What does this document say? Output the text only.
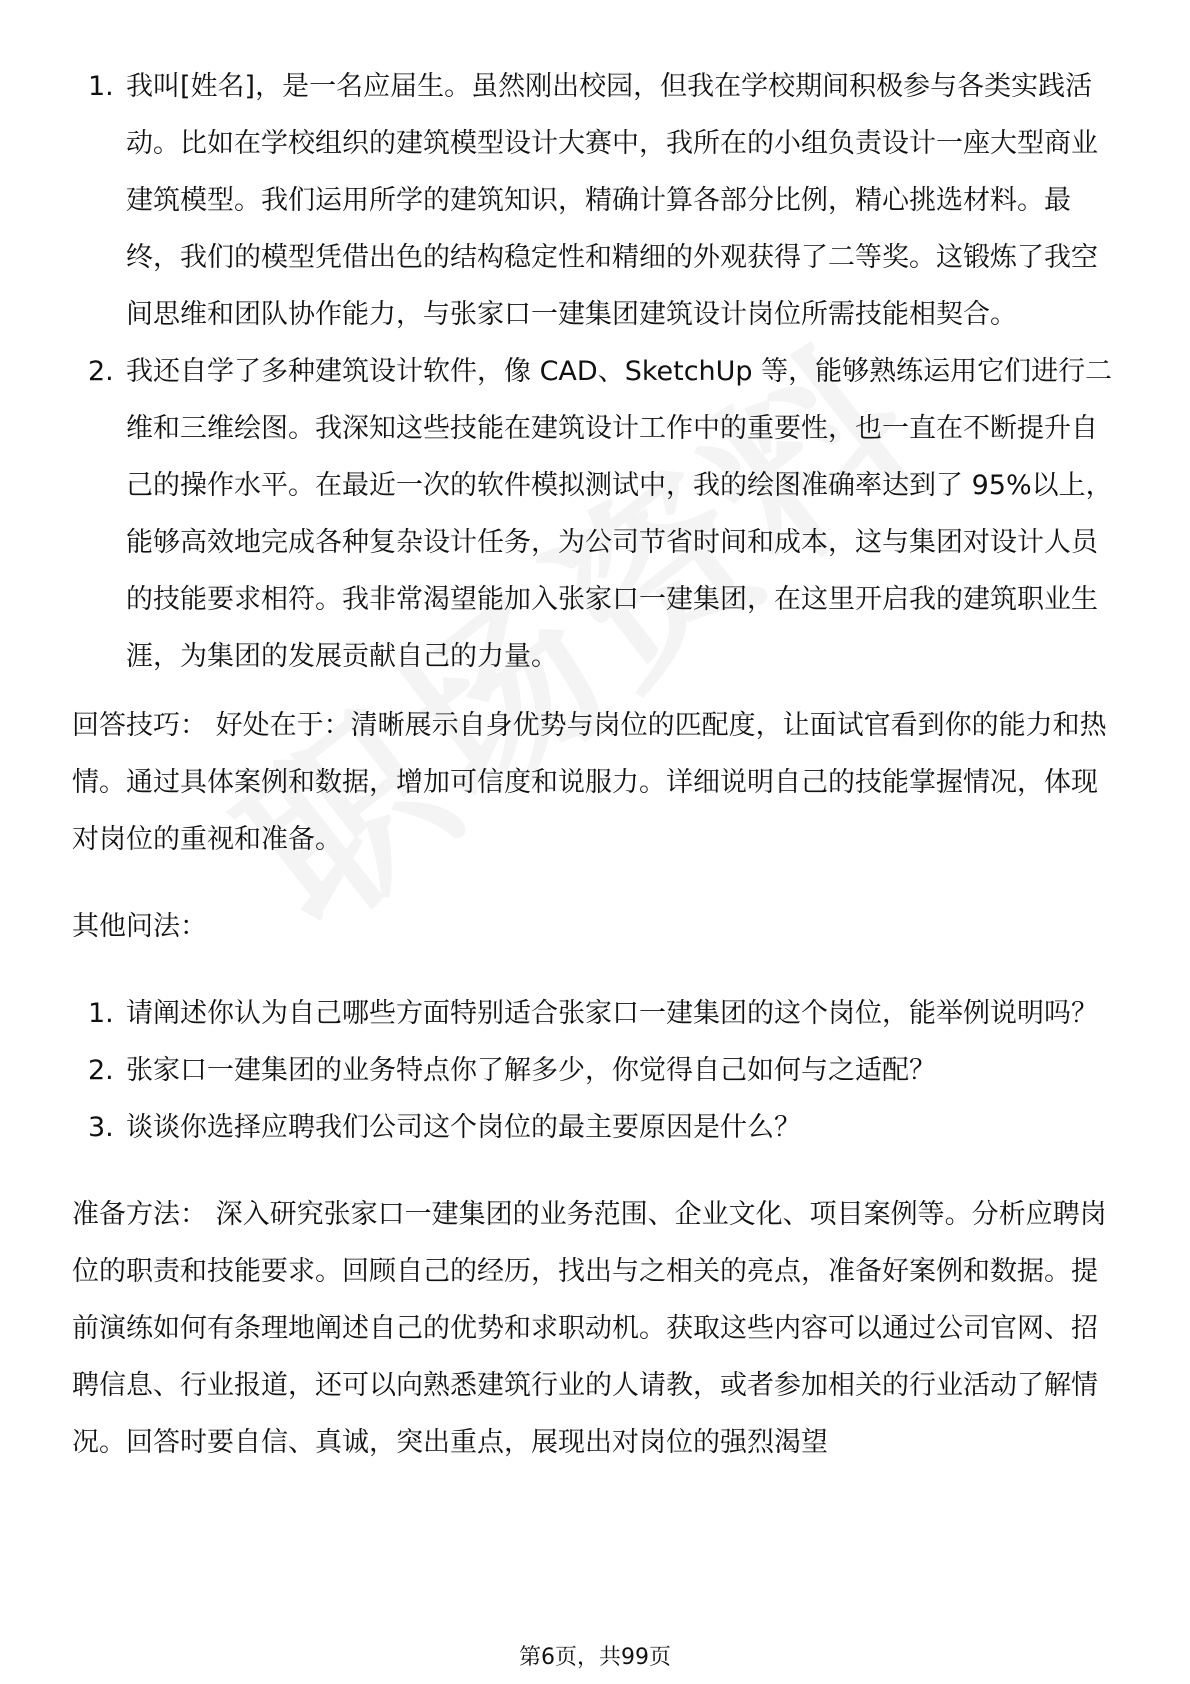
1. 我叫[姓名]，是一名应届生。虽然刚出校园，但我在学校期间积极参与各类实践活动。比如在学校组织的建筑模型设计大赛中，我所在的小组负责设计一座大型商业建筑模型。我们运用所学的建筑知识，精确计算各部分比例，精心挑选材料。最终，我们的模型凭借出色的结构稳定性和精细的外观获得了二等奖。这锻炼了我空间思维和团队协作能力，与张家口一建集团建筑设计岗位所需技能相契合。
2. 我还自学了多种建筑设计软件，像 CAD、SketchUp 等，能够熟练运用它们进行二维和三维绘图。我深知这些技能在建筑设计工作中的重要性，也一直在不断提升自己的操作水平。在最近一次的软件模拟测试中，我的绘图准确率达到了 95%以上，能够高效地完成各种复杂设计任务，为公司节省时间和成本，这与集团对设计人员的技能要求相符。我非常渴望能加入张家口一建集团，在这里开启我的建筑职业生涯，为集团的发展贡献自己的力量。

回答技巧： 好处在于：清晰展示自身优势与岗位的匹配度，让面试官看到你的能力和热情。通过具体案例和数据，增加可信度和说服力。详细说明自己的技能掌握情况，体现对岗位的重视和准备。

其他问法：

1. 请阐述你认为自己哪些方面特别适合张家口一建集团的这个岗位，能举例说明吗？
2. 张家口一建集团的业务特点你了解多少，你觉得自己如何与之适配？
3. 谈谈你选择应聘我们公司这个岗位的最主要原因是什么？

准备方法： 深入研究张家口一建集团的业务范围、企业文化、项目案例等。分析应聘岗位的职责和技能要求。回顾自己的经历，找出与之相关的亮点，准备好案例和数据。提前演练如何有条理地阐述自己的优势和求职动机。获取这些内容可以通过公司官网、招聘信息、行业报道，还可以向熟悉建筑行业的人请教，或者参加相关的行业活动了解情况。回答时要自信、真诚，突出重点，展现出对岗位的强烈渴望

第6页，共99页
